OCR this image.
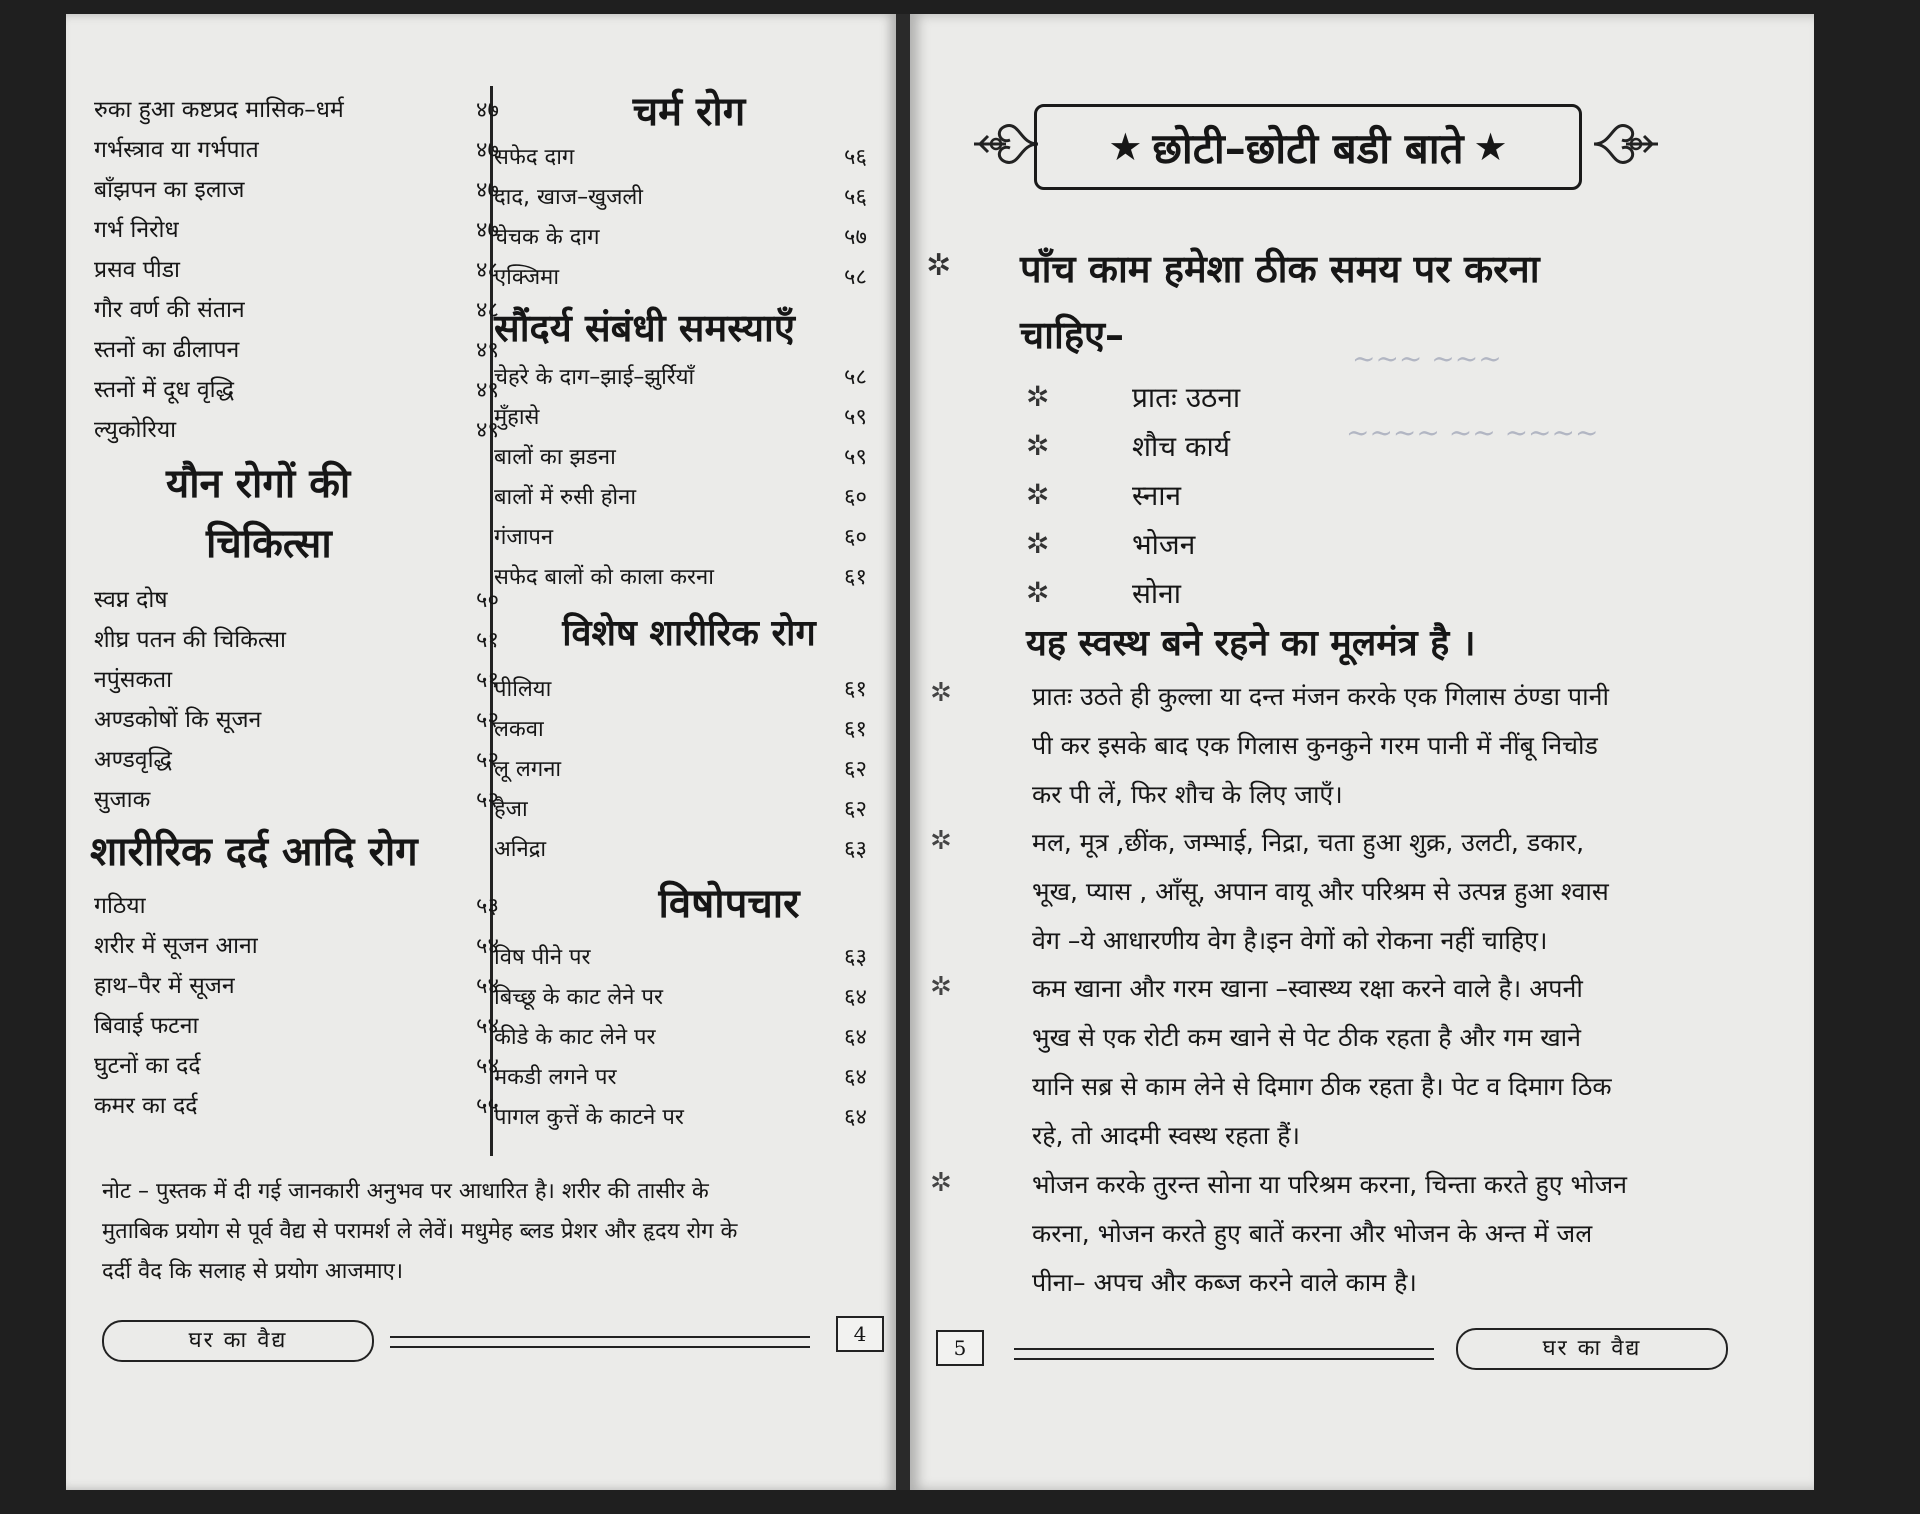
रुका हुआ कष्टप्रद मासिक–धर्म	४७
गर्भस्त्राव या गर्भपात	४७
बाँझपन का इलाज	४७
गर्भ निरोध	४७
प्रसव पीडा	४८
गौर वर्ण की संतान	४८
स्तनों का ढीलापन	४९
स्तनों में दूध वृद्धि	४९
ल्युकोरिया	४९
यौन रोगों की
चिकित्सा
स्वप्न दोष	५०
शीघ्र पतन की चिकित्सा	५१
नपुंसकता	५१
अण्डकोषों कि सूजन	५२
अण्डवृद्धि	५२
सुजाक	५२
शारीरिक दर्द आदि रोग
गठिया	५३
शरीर में सूजन आना	५४
हाथ–पैर में सूजन	५४
बिवाई फटना	५४
घुटनों का दर्द	५४
कमर का दर्द	५५
चर्म रोग
सफेद दाग	५६
दाद, खाज–खुजली	५६
चेचक के दाग	५७
एक्जिमा	५८
सौंदर्य संबंधी समस्याएँ
चेहरे के दाग–झाई–झुर्रियाँ	५८
मुँहासे	५९
बालों का झडना	५९
बालों में रुसी होना	६०
गंजापन	६०
सफेद बालों को काला करना	६१
विशेष शारीरिक रोग
पीलिया	६१
लकवा	६१
लू लगना	६२
हैजा	६२
अनिद्रा	६३
विषोपचार
विष पीने पर	६३
बिच्छू के काट लेने पर	६४
कीडे के काट लेने पर	६४
मकडी लगने पर	६४
पागल कुत्तें के काटने पर	६४
नोट – पुस्तक में दी गई जानकारी अनुभव पर आधारित है। शरीर की तासीर के
मुताबिक प्रयोग से पूर्व वैद्य से परामर्श ले लेवें। मधुमेह ब्लड प्रेशर और हृदय रोग के
दर्दी वैद कि सलाह से प्रयोग आजमाए।
घर का वैद्य	4
★ छोटी–छोटी बडी बाते ★
~~~ ~~~
~~~~ ~~ ~~~~
✲ पाँच काम हमेशा ठीक समय पर करना
चाहिए–
✲	प्रातः उठना
✲	शौच कार्य
✲	स्नान
✲	भोजन
✲	सोना
यह स्वस्थ बने रहने का मूलमंत्र है ।
✲	प्रातः उठते ही कुल्ला या दन्त मंजन करके एक गिलास ठंण्डा पानी
पी कर इसके बाद एक गिलास कुनकुने गरम पानी में नींबू निचोड
कर पी लें, फिर शौच के लिए जाएँ।
✲	मल, मूत्र ,छींक, जम्भाई, निद्रा, चता हुआ शुक्र, उलटी, डकार,
भूख, प्यास , आँसू, अपान वायू और परिश्रम से उत्पन्न हुआ श्वास
वेग –ये आधारणीय वेग है।इन वेगों को रोकना नहीं चाहिए।
✲	कम खाना और गरम खाना –स्वास्थ्य रक्षा करने वाले है। अपनी
भुख से एक रोटी कम खाने से पेट ठीक रहता है और गम खाने
यानि सब्र से काम लेने से दिमाग ठीक रहता है। पेट व दिमाग ठिक
रहे, तो आदमी स्वस्थ रहता हैं।
✲	भोजन करके तुरन्त सोना या परिश्रम करना, चिन्ता करते हुए भोजन
करना, भोजन करते हुए बातें करना और भोजन के अन्त में जल
पीना– अपच और कब्ज करने वाले काम है।
5	घर का वैद्य
